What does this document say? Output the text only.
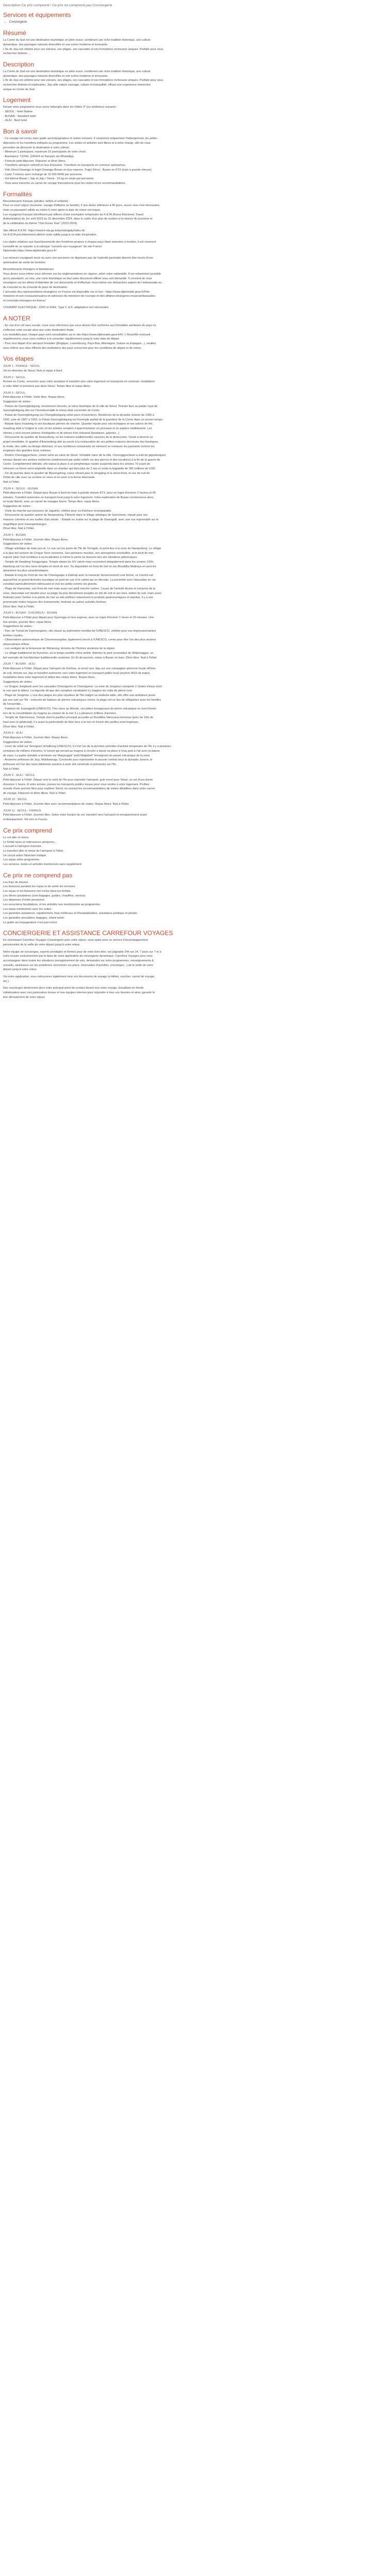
Description Ce prix comprend / Ce prix ne comprend pas Conciergerie
Services et équipements
• Conciergerie
Résumé
La Corée du Sud est une destination touristique en plein essor, combinant une riche tradition historique, une culture
dynamique, des paysages naturels diversifiés et une scène moderne et innovante.
L'île de Jeju est célèbre pour ses volcans, ses plages, ses cascades et ses formations rocheuses uniques. Parfaite pour vous
rechercher détente ...
Description
La Corée du Sud est une destination touristique en plein essor, combinant une riche tradition historique, une culture
dynamique, des paysages naturels diversifiés et une scène moderne et innovante.
L'île de Jeju est célèbre pour ses volcans, ses plages, ses cascades et ses formations rocheuses uniques. Parfaite pour vous
rechercher détente et exploration, Jeju allie nature sauvage, culture et tranquillité, offrant une expérience immersive
unique en Corée du Sud.
Logement
Durant votre programme vous serez hébergés dans les hôtels 3* (ou similaires) suivants :
- SÉOUL : hotel Nafree
- BUSAN : Standard hotel
- JEJU : Best hotel
Bon à savoir
- Ce voyage est conçu sans guide accompagnateur et visites incluses. Il comprend uniquement l'hébergement, les petits-
déjeuners et les transferts indiqués au programme. Les visites et activités sont libres et à votre charge, afin de vous
permettre de découvrir la destination à votre rythme.
- Minimum 1 participant, maximum 10 participants de votre choix.
- Assistance 7J/24H, (24h/24 en français via WhatsApp.
- Formule petit-déjeuner. Déjeuner et dîner libres.
- Transferts aéroport collectif en bus limousine. Transferts en transports en commun autonomes.
- Vols Séoul-Gwangju et trajet Gwangju-Busan en bus express. Trajet Séoul - Busan en KTX (train à grande vitesse).
- Carte T-money avec recharge de 15 000 KRW par personne.
- Vol interne Busan / Jeju et Jeju / Séoul - 15 kg en soute par personne.
- Vous avez transmis un carnet de voyage francophone pour les visites et les recommandations.
Formalités
Ressortissants français (adultes, bébés et enfants) :
Pour un court séjour (tourisme, voyage d'affaires ou famille), il une durée inférieure à 90 jours, aucun visa n'est nécessaire,
mais un passeport valide au moins 6 mois après la date du retour est requis.
Les voyageurs français bénéficient par ailleurs d'une exemption temporaire du K-ETA (Korea Electronic Travel
Authorization) du 1er avril 2023 au 31 décembre 2024, dans le cadre d'un plan de soutien à la relance du tourisme et
de la célébration du thème "Visit Korea Year" (2023-2024).
Site officiel K-ETA : https://www.k-eta.go.kr/portal/apply/index.do
Un K-ETA précédemment délivré reste valide jusqu'à sa date d'expiration.
Les règles relatives aux franchissements des frontières propres à chaque pays étant amenées à évoluer, il est vivement
conseillé de se reporter à la rubrique "conseils aux voyageurs" du site France
Diplomatie,https://www.diplomatie.gouv.fr/
Les mineurs voyageant seuls ou avec une personne ne disposant pas de l'autorité parentale doivent être munis d'une
autorisation de sortie de territoire.
Ressortissants étrangers et binationaux
Vous devez vous-même vous informer sur les réglementations en vigueur, selon votre nationalité. Il est notamment possible
qu'un passeport, un visa, une carte touristique ou tout autre document officiel vous soit demandé. Il convient de vous
renseigner sur les délais d'obtention de ces documents et d'effectuer vous-même vos démarches auprès de l'ambassade ou
du consulat ou du consulat du pays de destination.
L'annuaire des représentations étrangères en France est disponible via ce lien : https://www.diplomatie.gouv.fr/fr/le-
ministere-et-son-reseau/annuaires-et-adresses-du-ministere-de-l-europe-et-des-affaires-etrangeres-meae/ambassades-
et-consulats-etrangers-en-france/
COURANT ÉLECTRIQUE : 220V et 60Hz. Type C et F, adaptateur non nécessaire.
A NOTER
- En cas d'un vol avec escale, nous vous informons que vous devrez être conforme aux formalités sanitaires du pays où
s'effectue cette escale ainsi que votre destination finale.
Les modalités pour chaque pays sont consultables sur le site https://www.diplomatie.gouv.fr/fr/. L'ActuaWo évoluant
régulièrement, nous vous invitons à le consulter régulièrement jusqu'à votre date de départ.
- Pour tout départ d'un aéroport frontalier (Belgique, Luxembourg, Pays-Bas, Allemagne, Suisse ou Espagne...), veuillez
vous référer aux sites officiels des institutions des pays concernés pour les conditions de départ et de retour.
Vos étapes
JOUR 1 : FRANCE - SÉOUL
Vol en direction de Séoul. Nuit et repas à bord.
JOUR 2 : SÉOUL
Arrivée en Corée, rencontre avec votre assistant et transfert vers votre logement en transports en commun. Installation
à votre hôtel et premiers pas dans Séoul. Temps libre et repas libres.
JOUR 3 : SÉOUL
Petit-déjeuner à l'hôtel. Visite libre. Repas libres.
Suggestion de visites :
- Palace de Gyeongbokgung, récemment rénovés, le cœur historique de la ville de Séoul. Tirarant face au palais royal de
Gyeongbokgung dès est l'incontournable le mieux doté concentré de Corée.
- Palais de Gyeongbokgung (ou Changdeokgung selon jours d'ouverture). Résidence de la dynastie Joseon de 1395 à
1592, puis de 1867 à 1915, le Palais Gyeongbokgung est l'exemple parfait de la grandeur de la Corée dans un ancien temps.
- Balade dans Insadong et ses boutiques pleines de charme. Quartier réputé pour ses échoppes et ses salons de thé,
Insadong était à l'origine le coin où les artistes venaient s'approvisionner en pinceaux et en papiers traditionnels. Les
vitrines y sont encore pleines d'antiquités et de pièces d'art artisanal (boutiques, galeries...)
- Découverte du quartier de Ikseondong, où les maisons traditionnelles sauvées de la destruction. Visuel à devenir un
projet immobilier, le quartier d'Ikseondong doit sa survie à la restauration de ses petites maisons devenues des boutiques,
la mode, des cafés au design étonnant, et aux nombreux restaurants où viennent se restaurer les passants comme les
employés des grandes tours voisines.
- Rivière Cheonggyecheon, rivière verte au cœur de Séoul. Véritable cœur de la ville, Cheonggyecheon a subi de gigantesques
travaux durant ces années modernes (entièrement par petits reliefs sur des pierres et des escaliers) à la fin de la guerre de
Corée. Complètement détruite, elle laissa la place à un périphérique routier suspendu dans les années 70 avant de
retrouver sa forme semi-originelle dans un chantier qui dura plus de 2 ans et coûta la bagatelle de 281 millions de USD.
- Fin de journée dans le quartier de Myeongdong, coeur vibrant pour le shopping et la street-food, et vue de nuit de
l'hôtel de ville avec sa verrière en verre et en acier à la forme étonnante.
Nuit à l'hôtel.
JOUR 4 : SÉOUL - BUSAN
Petit-déjeuner à l'hôtel. Départ pour Busan à bord du train à grande vitesse KTX, pour un trajet d'environ 2 heures et 45
minutes. Transfert autonome en transport local jusqu'à votre logement. Votre exploration de Busan commencera alors,
en toute liberté, avec un carnet de voyages fourni. Temps libre, repas libres.
Suggestion de visites :
- Visite du marché aux poissons de Jagalchi, célèbre pour sa fraîcheur incomparable.
- Découverte du quartier animé de Nampodong. Flânerie dans le village artistique de Gamcheon, réputé pour ses
maisons colorées et ses ruelles d'art urbain. - Balade en soirée sur la plage de Gwangalli, avec une vue imprenable sur le
magnifique pont Gwangandaegyo.
Dîner libre. Nuit à l'hôtel.
JOUR 5 : BUSAN
Petit-déjeuner à l'hôtel. Journée libre. Repas libres.
Suggestions de visites :
- Village artistique de Huin-yeo-ul. Le vue sur les ponts de l'île de Yeongdo, le point lieu à la zone de Nampodong. Le village
a la plus bel surnom de Cinque-Terre coréenne. Ses peintures murales, son atmosphère ensoleillée, et le bruit de mer
exposé plein Sud contribue à sa localisation à même le pente lui donnent des airs lointaines pittoresques.
- Temple de Haedong Yonggungsa. Temple datant du XIV siècle mais reconstruit intégralement dans les années 1930,
Haedong est l'un des rares temples en bord de mer. Sa disposition en front de mer et son Bouddha Maitreya en sont les
attractions les plus caractéristiques.
- Balade le long du front de mer de Cheongsapo à Dalmaji avec la monorail. Anciennement voie ferrée, ce chemin est
aujourd'hui un grand itinéraire bucolique où pont de vue et le calme qui en découle. La proximité avec Haeundae en car
constitué particulièrement intéressant et vive les petits comme les grands.
- Plage de Haeundae, son front de mer mais aussi son petit marché coréen. Cause de l'activité diurne et nocturne de la
zone, Haeundae est réputée pour sa plage (la plus densément peuplée en été de voit et ses bars, boîtes de nuit, mais aussi
festivals) pour l'ambre à la pointe de mer au tels préfixes notamment le produits gastronomiques et viandes, il y a une
promenade rivière toujours des évènements, festivals ou autres activités festives.
Dîner libre. Nuit à l'hôtel.
JOUR 6 : BUSAN - GYEONGJU - BUSAN
Petit-déjeuner à l'hôtel puis départ pour Gyeongju en bus express, avec un trajet d'environ 1 heure et 15 minutes. Une
fois arrivée, journée libre, repas libres.
Suggestions de visites :
- Parc de Tumuli de Daereungwon, site classé au patrimoine mondial de l'UNESCO, célèbre pour ses impressionnantes
tombes royales.
- Observatoire astronomique de Cheomseongdae, également inscrit à l'UNESCO, connu pour être l'un des plus anciens
observatoires d'Asie.
- Les vestiges de la forteresse de Wolseong, témoins de l'histoire ancienne de la région.
- Le village traditionnel de Kyochon, où le temps semble s'être arrêté. Admirez le pont reconstitué de Woljeonggyo, un
bel exemple de l'architecture traditionnelle coréenne. En fin de journée, retour à Busan en train. Dîner libre. Nuit à l'hôtel.
JOUR 7 : BUSAN - JEJU
Petit-déjeuner à l'hôtel. Départ pour l'aéroport de Gimhae, et envol vers Jeju sur une compagnie aérienne locale (45min
de vol). Arrivée sur Jeju et transfert autonome vers votre logement en transport public local (environ 0h15 de trajet).
Installation dans votre logement et début des visites libres. Repas libres.
Suggestions de visites :
- Le Dragon Jongbanti avec les cascades Cheonjiyeon et Cheonjiyeon. La zone de Jungmun comporte 2 chutes d'eaux dont
la vue vaut le détour. La légende dit que des nymphes viendraient s'y baigner les nuits de pleine lune.
- Plage de Jungmun. L'une des plages les plus réputées de l'île malgré sa modeste taille, elle offre une ambiance jeune
par son surf sur l'île - entourée de falaises de pierres volcaniques noires, la plage est un lieu de villégiature pour les familles
de l'ensemble...
- Falaises de Jusangjeolli (UNESCO). Très rares au Monde, ces piliers hexagonaux de pierre volcanique se sont formés
lors de la consolidation du magma au contact de la mer il y a plusieurs millions d'années.
- Temple de Yakcheonsa. Temple dont la pavillon principal accueille un Bouddha Vairocana immense (près de 10m de
haut avec le piédestal), il a aussi la particularité de faire face à la mer et d'avoir des jardins semi-tropicaux.
Dîner libre. Nuit à l'hôtel.
JOUR 8 : JEJU
Petit-déjeuner à l'hôtel. Journée libre. Repas libres.
Suggestions de visites :
- Lever de soleil sur Seongsan Ilchulbong (UNESCO). Il n'est l'un de la dernière périodes d'activité temporaire de l'île il y a plusieurs
centaines de millions d'années, le tunnel qui servait au magma à circuler a laissé sa place à l'eau puis à l'air avec la baisse
de eaux. La partie visitable a terminée sur Manjanggul "petit Maljabwil" témoignant du passé volcanique de la zone.
- Ancienne prêtresse de Jeju, Mokkwanaja. Construite pour représenter le pouvoir central sous la dynastie Joseon, le
prêtresse est l'un des rares bâtiments anciens à avoir été construits et préservés sur l'île.
Nuit à l'hôtel.
JOUR 9 : JEJU - SÉOUL
Petit-déjeuner à l'hôtel. Départ vers le nord de l'île pour rejoindre l'aéroport, puis envol pour Séoul, un vol d'une durée
d'environ 1 heure. À votre arrivée, prenez les transports publics locaux pour vous rendre à votre logement. Profitez
ensuite d'une journée libre pour explorer Séoul, en suivant les recommandations de visites détaillées dans votre carnet
de voyage. Déjeuner et dîner libres. Nuit à l'hôtel.
JOUR 10 : SÉOUL
Petit-déjeuner à l'hôtel. Journée libre avec recommandations de visites. Repas libres. Nuit à l'hôtel.
JOUR 11 : SÉOUL - FRANCE
Petit-déjeuner à l'hôtel. Journée libre. Selon votre horaire de vol, transfert vers l'aéroport et enregistrement avant
embarquement. Vol vers la France.
Ce prix comprend
Le vol aller et retour.
Le forfait taxes et redevances aéroportu...
L'accueil à l'aéroport d'arrivée.
Le transfert aller et retour de l'aéroport à l'hôtel.
Un circuit selon l'itinéraire indiqué.
Les repas selon programme.
Les services, textes et activités mentionnés sans supplément.
Ce prix ne comprend pas
Les frais de dossier.
Les boissons pendant les repas et de sortie les terrisses.
Les repas et les boissons non inclus dans les forfaits.
Les dîners pourboires (sont bagages, guides, chauffeur, service)
Les dépenses d'ordre personnel.
Les excursions facultatives, et les activités non mentionnées au programme.
Les repas mentionnés avec les suites.
Les garanties assistance, rapatriement, frais médicaux et d'hospitalisation, assistance juridique et pénale.
Les garanties annulation, bagages, retard avion.
Le guide accompagnateur n'est pas inclus.
CONCIERGERIE ET ASSISTANCE CARREFOUR VOYAGES
En choisissant Carrefour Voyages Conciergerie pour votre séjour, vous optez pour un service d'accompagnement
personnalisé de la veille de votre départ jusqu'à votre retour.
Notre équipe de concierges, experts privilégiés et formés pour de votre bien-être, est joignable 24h sur 24, 7 jours sur 7 et à
votre écoute exclusivement par le biais de notre application de messagerie dynamique. Carrefour Voyages pour vous
accompagner dans toutes les situations (enregistrement de vols, demandes sur votre programmes, renseignements &
conseils, assistance sur les problèmes rencontrés sur place, réservation d'activités, concierges...) de la veille de votre
départ jusqu'à votre retour.
Vis-votre application, vous retrouverez également tous vos documents de voyage (e-billets, voucher, carnet de voyage,
etc.).
Nos concierges deviennent alors votre principal point de contact durant tout votre voyage, travaillant en étroite
collaboration avec nos partenaires locaux et nos équipes internes pour répondre à tous vos besoins et ainsi, garantir le
bon déroulement de votre séjour.
